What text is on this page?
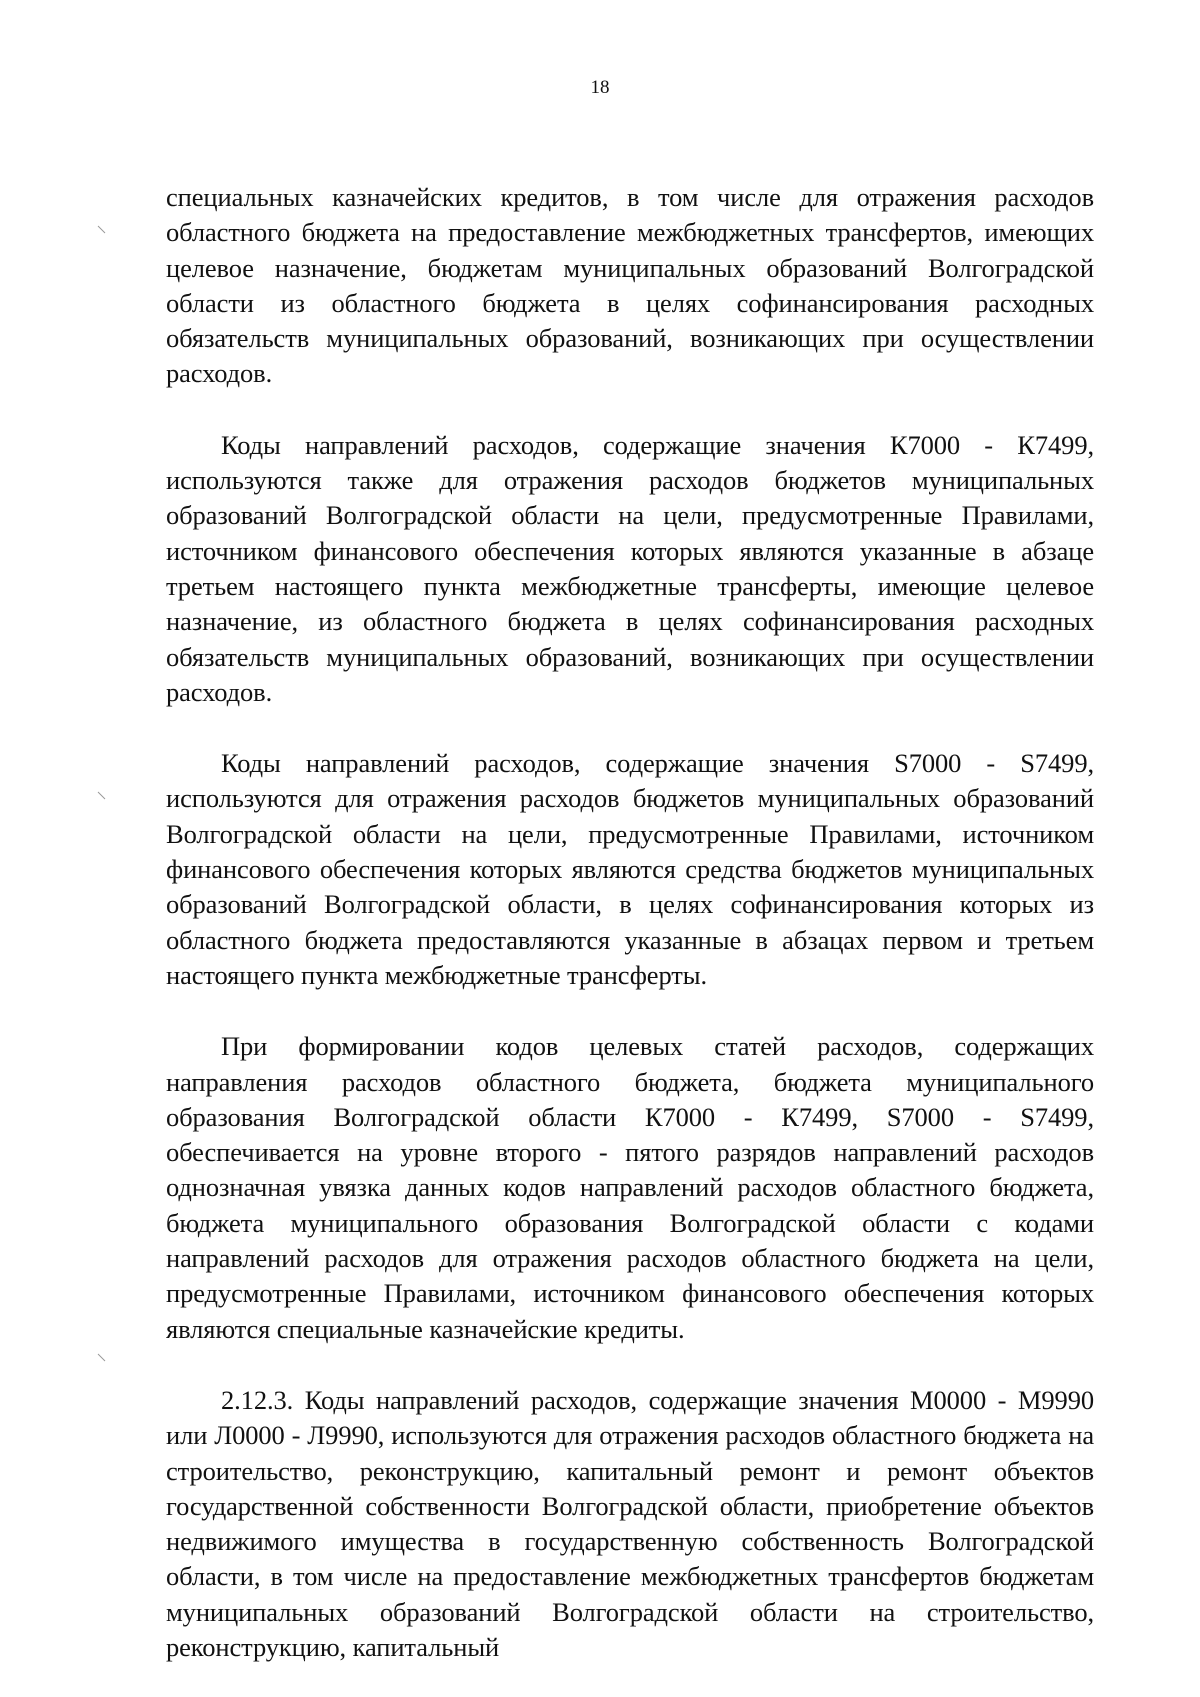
18

специальных казначейских кредитов, в том числе для отражения расходов областного бюджета на предоставление межбюджетных трансфертов, имеющих целевое назначение, бюджетам муниципальных образований Волгоградской области из областного бюджета в целях софинансирования расходных обязательств муниципальных образований, возникающих при осуществлении расходов.

Коды направлений расходов, содержащие значения К7000 - К7499, используются также для отражения расходов бюджетов муниципальных образований Волгоградской области на цели, предусмотренные Правилами, источником финансового обеспечения которых являются указанные в абзаце третьем настоящего пункта межбюджетные трансферты, имеющие целевое назначение, из областного бюджета в целях софинансирования расходных обязательств муниципальных образований, возникающих при осуществлении расходов.

Коды направлений расходов, содержащие значения S7000 - S7499, используются для отражения расходов бюджетов муниципальных образований Волгоградской области на цели, предусмотренные Правилами, источником финансового обеспечения которых являются средства бюджетов муниципальных образований Волгоградской области, в целях софинансирования которых из областного бюджета предоставляются указанные в абзацах первом и третьем настоящего пункта межбюджетные трансферты.

При формировании кодов целевых статей расходов, содержащих направления расходов областного бюджета, бюджета муниципального образования Волгоградской области К7000 - К7499, S7000 - S7499, обеспечивается на уровне второго - пятого разрядов направлений расходов однозначная увязка данных кодов направлений расходов областного бюджета, бюджета муниципального образования Волгоградской области с кодами направлений расходов для отражения расходов областного бюджета на цели, предусмотренные Правилами, источником финансового обеспечения которых являются специальные казначейские кредиты.

2.12.3. Коды направлений расходов, содержащие значения М0000 - М9990 или Л0000 - Л9990, используются для отражения расходов областного бюджета на строительство, реконструкцию, капитальный ремонт и ремонт объектов государственной собственности Волгоградской области, приобретение объектов недвижимого имущества в государственную собственность Волгоградской области, в том числе на предоставление межбюджетных трансфертов бюджетам муниципальных образований Волгоградской области на строительство, реконструкцию, капитальный
